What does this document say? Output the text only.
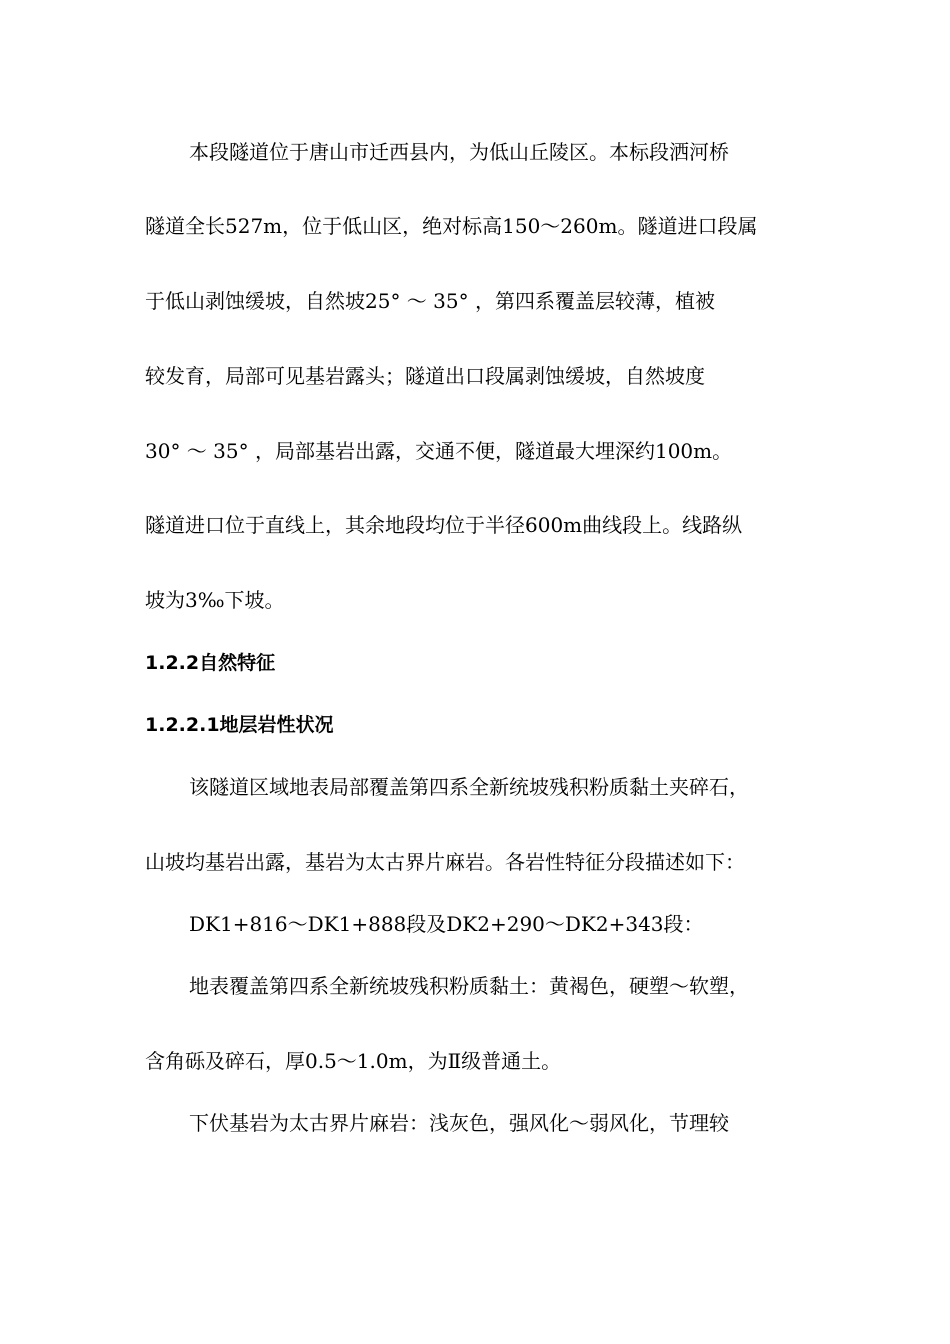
本段隧道位于唐山市迁西县内，为低山丘陵区。本标段洒河桥
隧道全长527m，位于低山区，绝对标高150～260m。隧道进口段属
于低山剥蚀缓坡，自然坡25° ～ 35° ，第四系覆盖层较薄，植被
较发育，局部可见基岩露头；隧道出口段属剥蚀缓坡，自然坡度
30° ～ 35° ，局部基岩出露，交通不便，隧道最大埋深约100m。
隧道进口位于直线上，其余地段均位于半径600m曲线段上。线路纵
坡为3‰下坡。
1.2.2自然特征
1.2.2.1地层岩性状况
该隧道区域地表局部覆盖第四系全新统坡残积粉质黏土夹碎石，
山坡均基岩出露，基岩为太古界片麻岩。各岩性特征分段描述如下：
DK1+816～DK1+888段及DK2+290～DK2+343段：
地表覆盖第四系全新统坡残积粉质黏土：黄褐色，硬塑～软塑，
含角砾及碎石，厚0.5～1.0m，为Ⅱ级普通土。
下伏基岩为太古界片麻岩：浅灰色，强风化～弱风化，节理较
